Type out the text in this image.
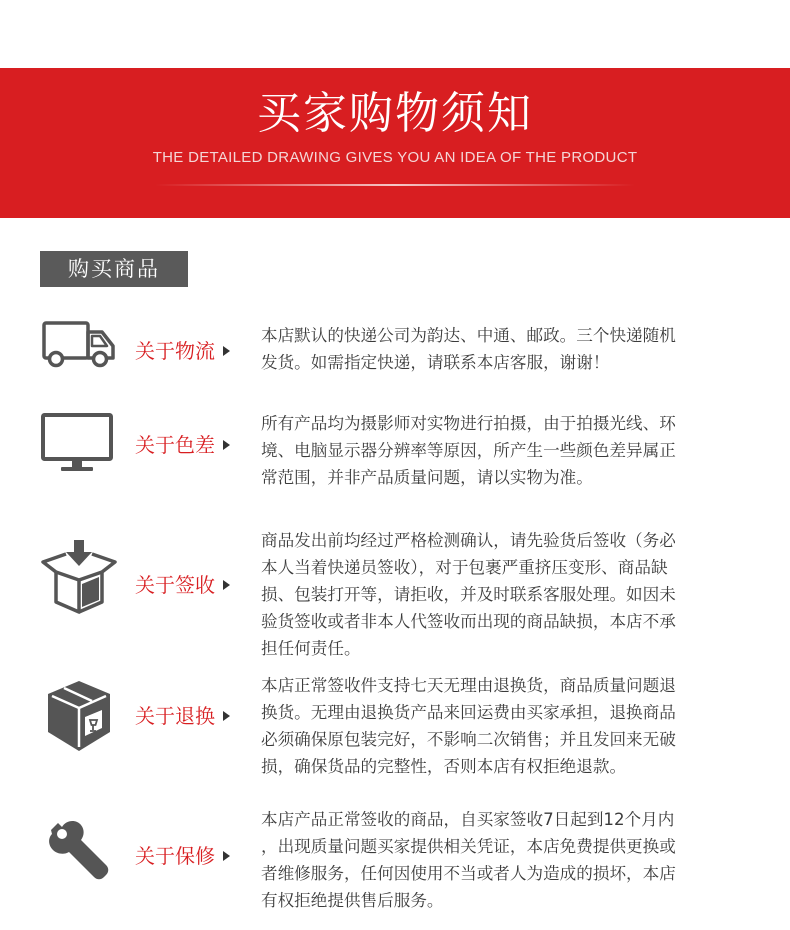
买家购物须知
THE DETAILED DRAWING GIVES YOU AN IDEA OF THE PRODUCT
购买商品
关于物流
本店默认的快递公司为韵达、中通、邮政。三个快递随机
发货。如需指定快递，请联系本店客服，谢谢！
关于色差
所有产品均为摄影师对实物进行拍摄，由于拍摄光线、环
境、电脑显示器分辨率等原因，所产生一些颜色差异属正
常范围，并非产品质量问题，请以实物为准。
关于签收
商品发出前均经过严格检测确认，请先验货后签收（务必
本人当着快递员签收），对于包裹严重挤压变形、商品缺
损、包装打开等，请拒收，并及时联系客服处理。如因未
验货签收或者非本人代签收而出现的商品缺损，本店不承
担任何责任。
关于退换
本店正常签收件支持七天无理由退换货，商品质量问题退
换货。无理由退换货产品来回运费由买家承担，退换商品
必须确保原包装完好，不影响二次销售；并且发回来无破
损，确保货品的完整性，否则本店有权拒绝退款。
关于保修
本店产品正常签收的商品，自买家签收7日起到12个月内
，出现质量问题买家提供相关凭证，本店免费提供更换或
者维修服务，任何因使用不当或者人为造成的损坏，本店
有权拒绝提供售后服务。
